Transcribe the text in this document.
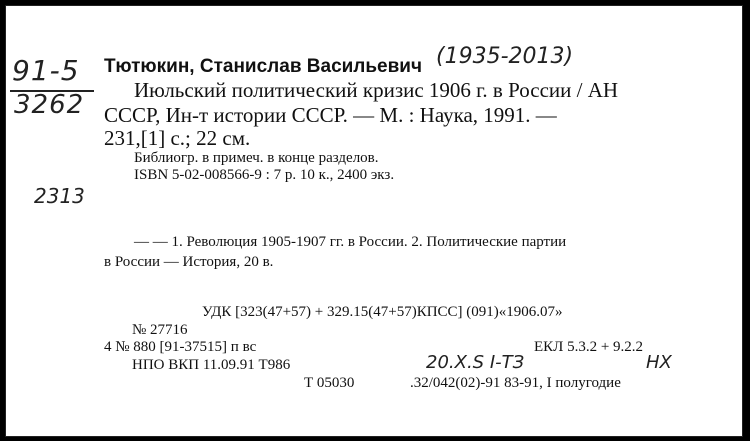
91-5
3262
Тютюкин, Станислав Васильевич (1935-2013)
Июльский политический кризис 1906 г. в России / АН
СССР, Ин-т истории СССР. — М. : Наука, 1991. —
231,[1] с.; 22 см.
Библиогр. в примеч. в конце разделов.
ISBN 5-02-008566-9 : 7 р. 10 к., 2400 экз.
2313
— — 1. Революция 1905-1907 гг. в России. 2. Политические партии
в России — История, 20 в.
УДК [323(47+57) + 329.15(47+57)КПСС] (091)«1906.07»
№ 27716
4 № 880 [91-37515] п вс	ЕКЛ 5.3.2 + 9.2.2
НПО ВКП 11.09.91 Т986	20.X.S I-ТЗ	НХ
Т 05030	.32/042(02)-91 83-91, I полугодие
